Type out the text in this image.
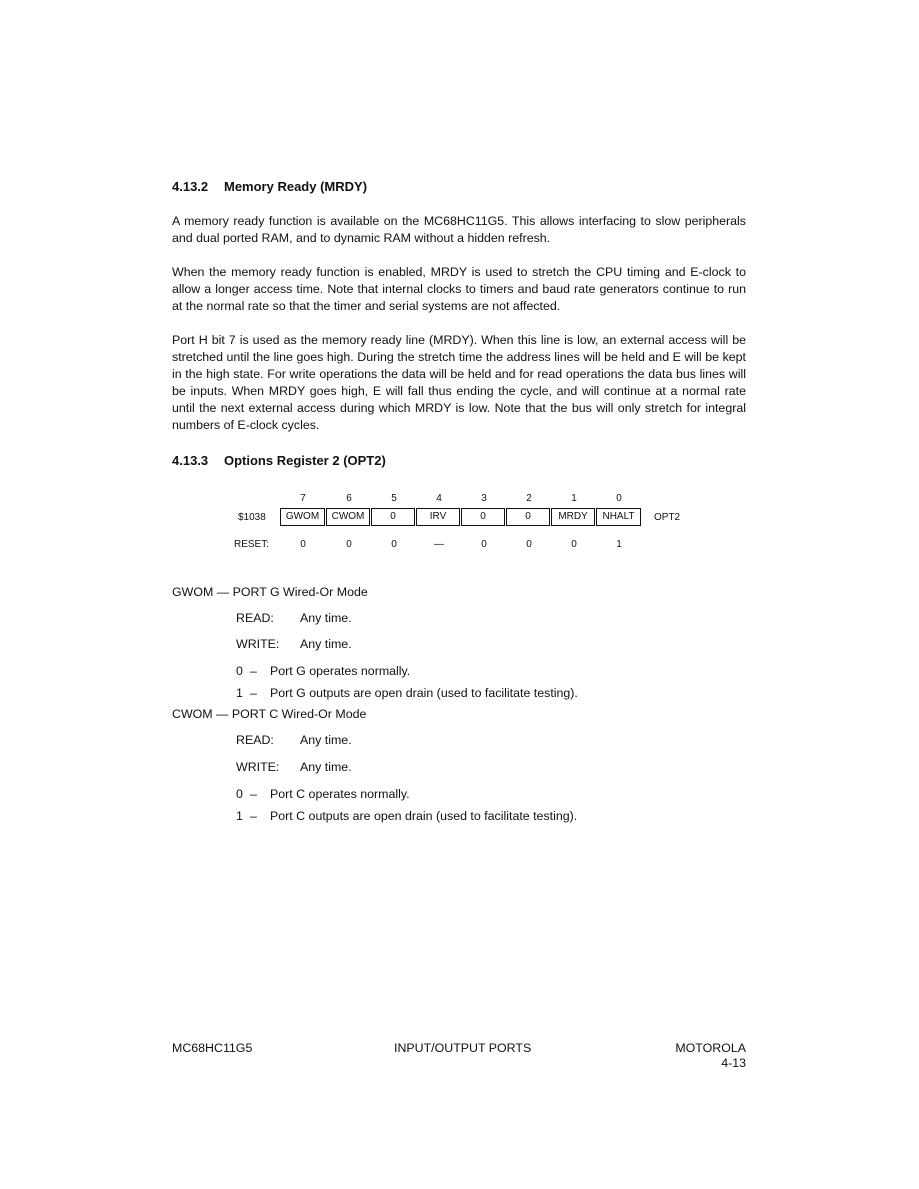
4.13.2 Memory Ready (MRDY)

A memory ready function is available on the MC68HC11G5. This allows interfacing to slow peripherals and dual ported RAM, and to dynamic RAM without a hidden refresh.

When the memory ready function is enabled, MRDY is used to stretch the CPU timing and E-clock to allow a longer access time. Note that internal clocks to timers and baud rate generators continue to run at the normal rate so that the timer and serial systems are not affected.

Port H bit 7 is used as the memory ready line (MRDY). When this line is low, an external access will be stretched until the line goes high. During the stretch time the address lines will be held and E will be kept in the high state. For write operations the data will be held and for read operations the data bus lines will be inputs. When MRDY goes high, E will fall thus ending the cycle, and will continue at a normal rate until the next external access during which MRDY is low. Note that the bus will only stretch for integral numbers of E-clock cycles.

4.13.3 Options Register 2 (OPT2)
7	6	5	4	3	2	1	0
$1038	GWOM	CWOM	0	IRV	0	0	MRDY	NHALT	OPT2
RESET:	0	0	0	—	0	0	0	1
GWOM — PORT G Wired-Or Mode
READ: Any time.
WRITE: Any time.
0 – Port G operates normally.
1 – Port G outputs are open drain (used to facilitate testing).
CWOM — PORT C Wired-Or Mode
READ: Any time.
WRITE: Any time.
0 – Port C operates normally.
1 – Port C outputs are open drain (used to facilitate testing).
MC68HC11G5	INPUT/OUTPUT PORTS	MOTOROLA
4-13
